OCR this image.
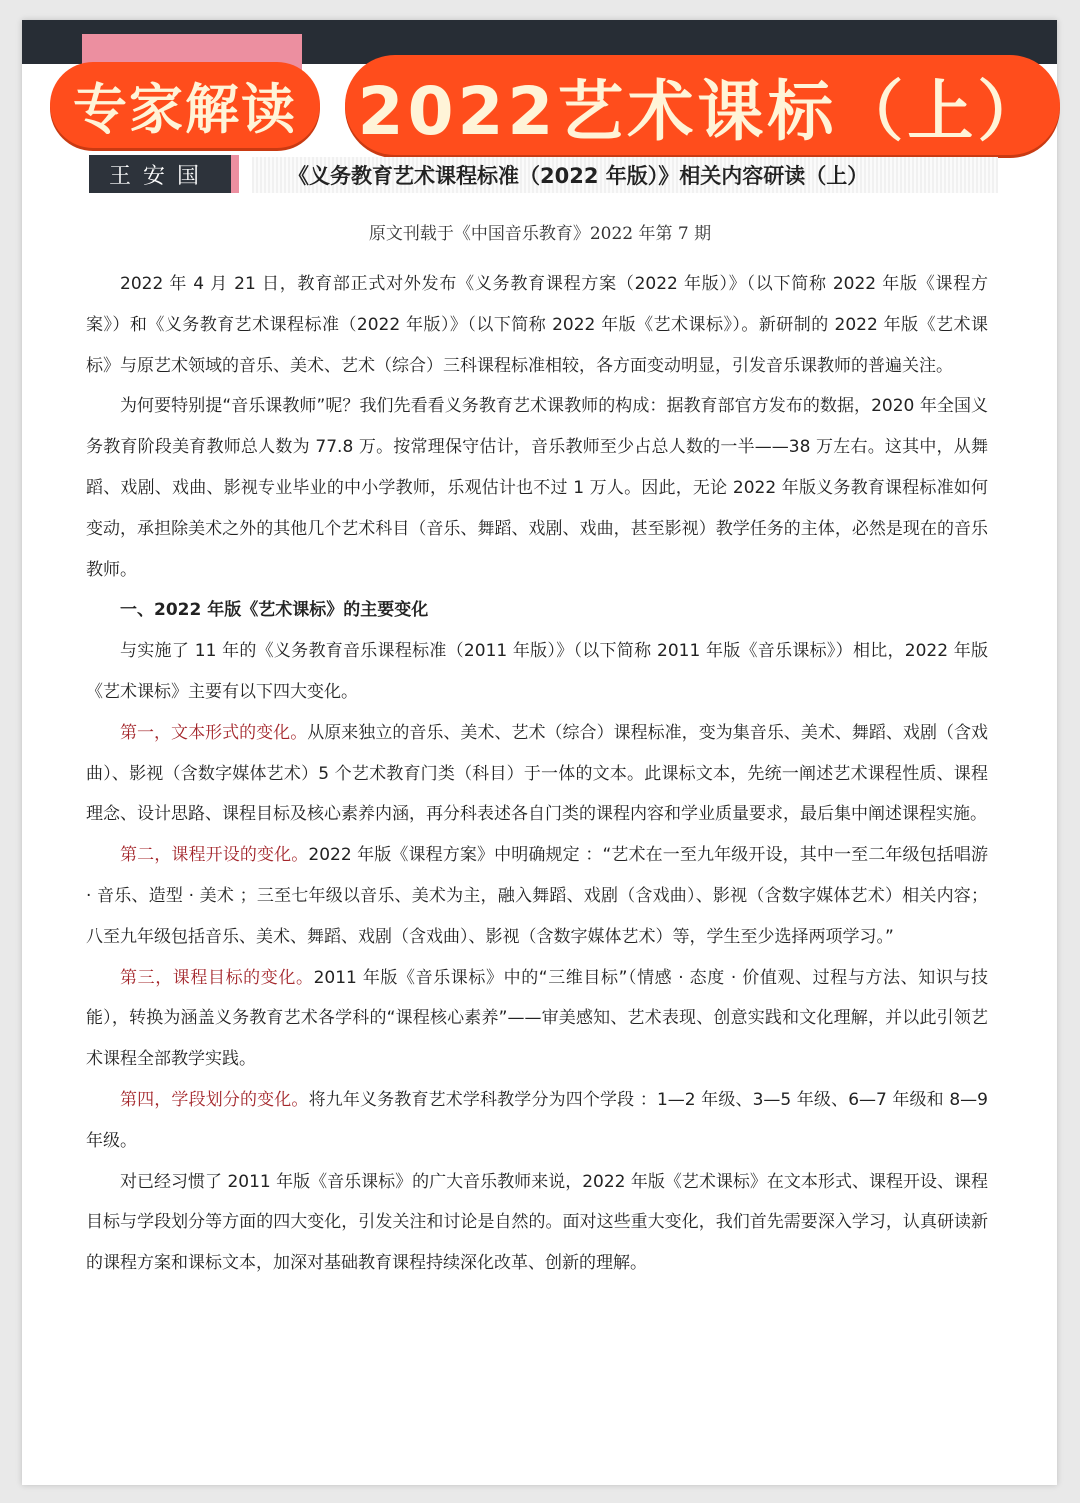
专家解读 2022艺术课标（上）
王安国	《义务教育艺术课程标准（2022 年版）》相关内容研读（上）
原文刊载于《中国音乐教育》2022 年第 7 期

2022 年 4 月 21 日，教育部正式对外发布《义务教育课程方案（2022 年版）》（以下简称 2022 年版《课程方案》）和《义务教育艺术课程标准（2022 年版）》（以下简称 2022 年版《艺术课标》）。新研制的 2022 年版《艺术课标》与原艺术领域的音乐、美术、艺术（综合）三科课程标准相较，各方面变动明显，引发音乐课教师的普遍关注。

为何要特别提“音乐课教师”呢？我们先看看义务教育艺术课教师的构成：据教育部官方发布的数据，2020 年全国义务教育阶段美育教师总人数为 77.8 万。按常理保守估计，音乐教师至少占总人数的一半——38 万左右。这其中，从舞蹈、戏剧、戏曲、影视专业毕业的中小学教师，乐观估计也不过 1 万人。因此，无论 2022 年版义务教育课程标准如何变动，承担除美术之外的其他几个艺术科目（音乐、舞蹈、戏剧、戏曲，甚至影视）教学任务的主体，必然是现在的音乐教师。

一、2022 年版《艺术课标》的主要变化

与实施了 11 年的《义务教育音乐课程标准（2011 年版）》（以下简称 2011 年版《音乐课标》）相比，2022 年版《艺术课标》主要有以下四大变化。

第一，文本形式的变化。从原来独立的音乐、美术、艺术（综合）课程标准，变为集音乐、美术、舞蹈、戏剧（含戏曲）、影视（含数字媒体艺术）5 个艺术教育门类（科目）于一体的文本。此课标文本，先统一阐述艺术课程性质、课程理念、设计思路、课程目标及核心素养内涵，再分科表述各自门类的课程内容和学业质量要求，最后集中阐述课程实施。

第二，课程开设的变化。2022 年版《课程方案》中明确规定 ：“艺术在一至九年级开设，其中一至二年级包括唱游 · 音乐、造型 · 美术 ；三至七年级以音乐、美术为主，融入舞蹈、戏剧（含戏曲）、影视（含数字媒体艺术）相关内容；八至九年级包括音乐、美术、舞蹈、戏剧（含戏曲）、影视（含数字媒体艺术）等，学生至少选择两项学习。”

第三，课程目标的变化。2011 年版《音乐课标》中的“三维目标”（情感 · 态度 · 价值观、过程与方法、知识与技能），转换为涵盖义务教育艺术各学科的“课程核心素养”——审美感知、艺术表现、创意实践和文化理解，并以此引领艺术课程全部教学实践。

第四，学段划分的变化。将九年义务教育艺术学科教学分为四个学段 ：1—2 年级、3—5 年级、6—7 年级和 8—9 年级。

对已经习惯了 2011 年版《音乐课标》的广大音乐教师来说，2022 年版《艺术课标》在文本形式、课程开设、课程目标与学段划分等方面的四大变化，引发关注和讨论是自然的。面对这些重大变化，我们首先需要深入学习，认真研读新的课程方案和课标文本，加深对基础教育课程持续深化改革、创新的理解。
